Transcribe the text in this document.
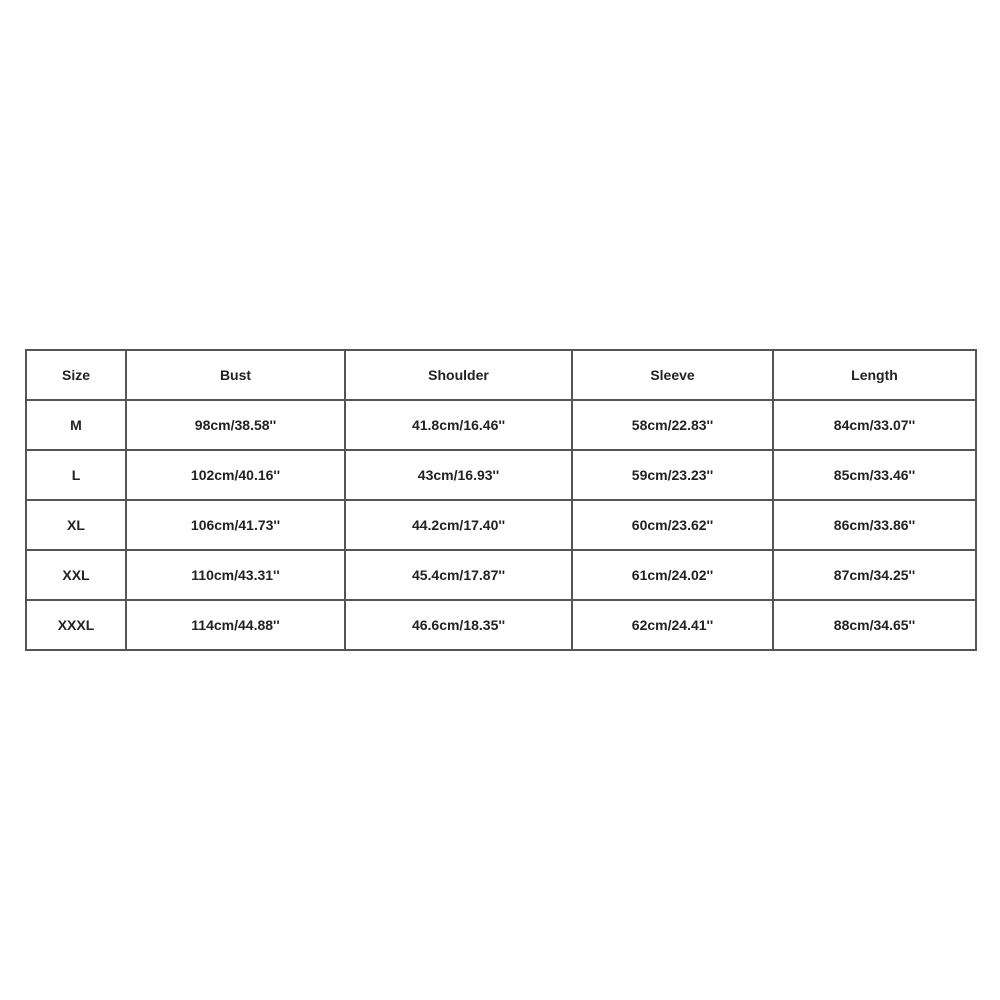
Size	Bust	Shoulder	Sleeve	Length
M	98cm/38.58''	41.8cm/16.46''	58cm/22.83''	84cm/33.07''
L	102cm/40.16''	43cm/16.93''	59cm/23.23''	85cm/33.46''
XL	106cm/41.73''	44.2cm/17.40''	60cm/23.62''	86cm/33.86''
XXL	110cm/43.31''	45.4cm/17.87''	61cm/24.02''	87cm/34.25''
XXXL	114cm/44.88''	46.6cm/18.35''	62cm/24.41''	88cm/34.65''
